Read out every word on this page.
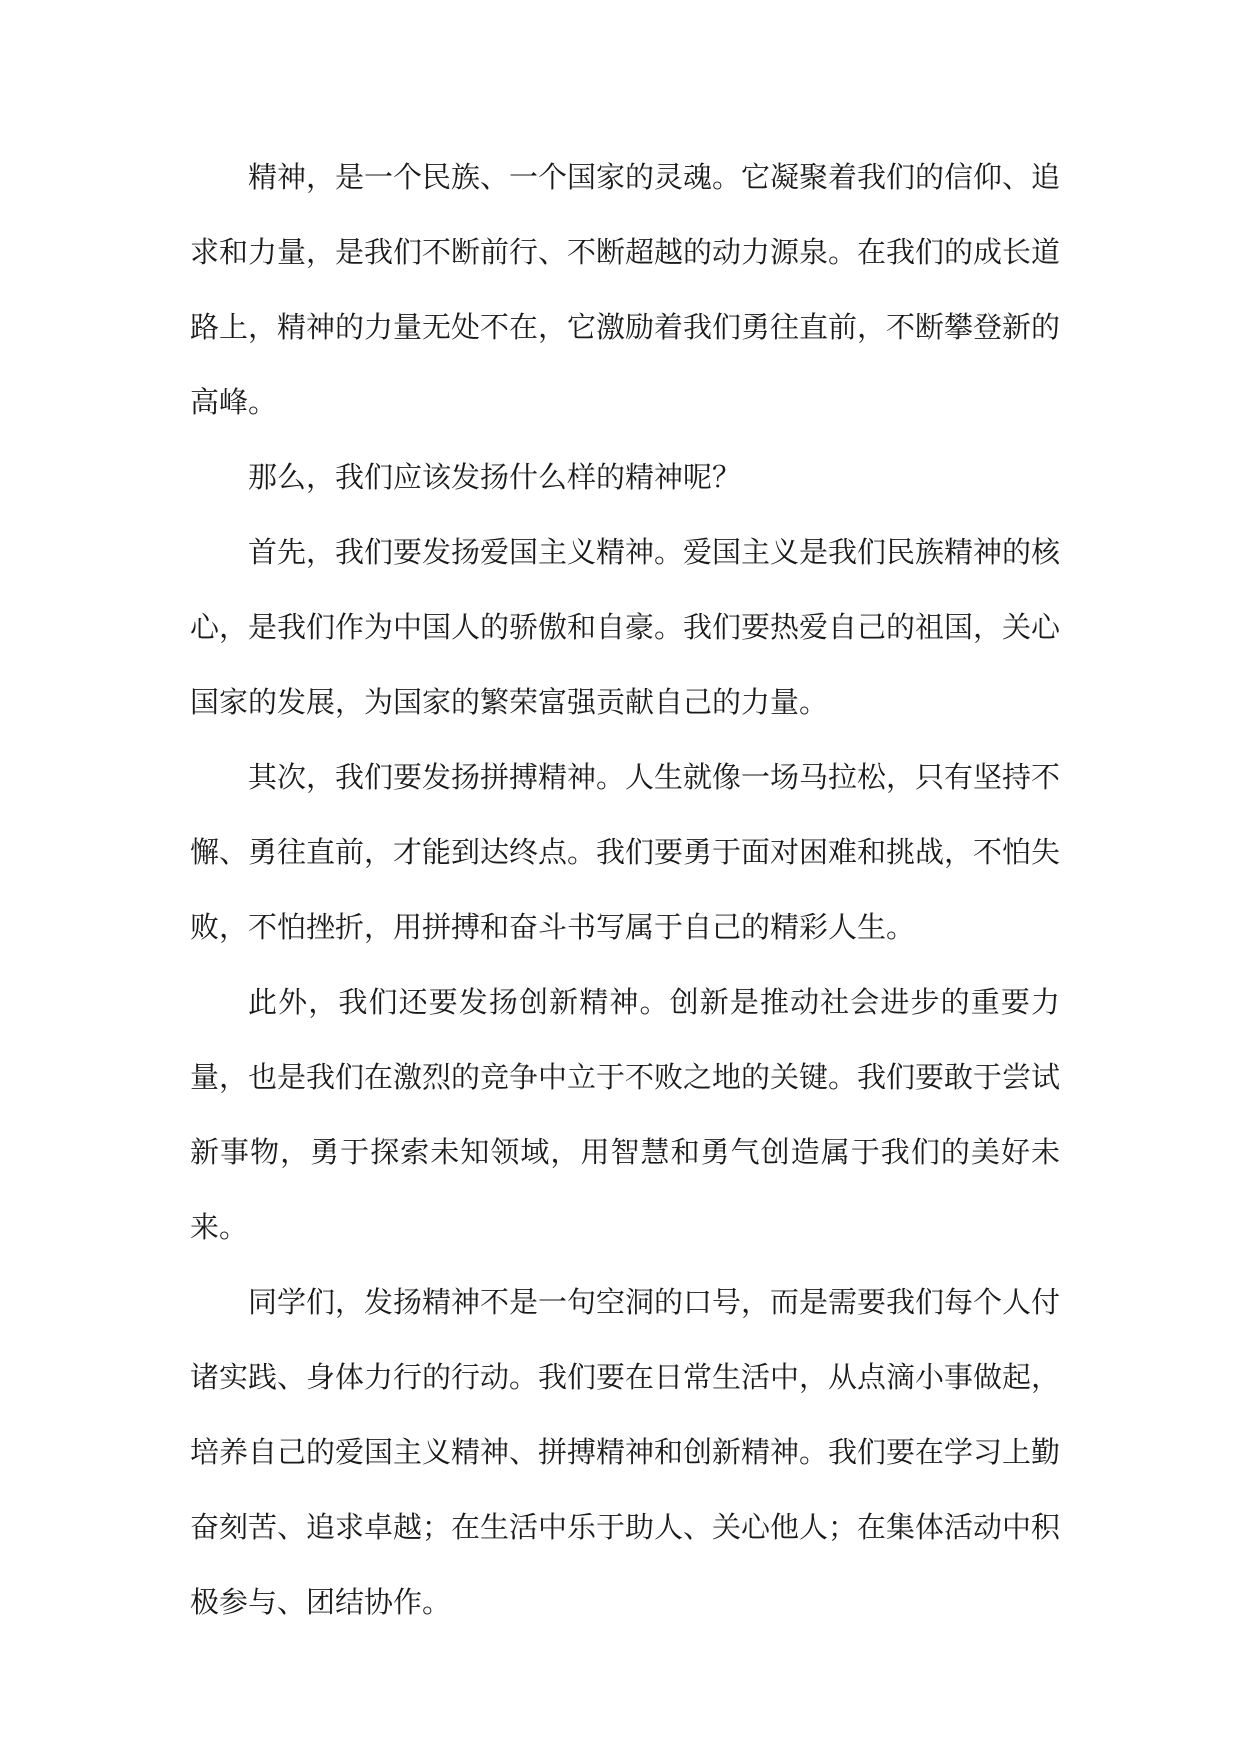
精神，是一个民族、一个国家的灵魂。它凝聚着我们的信仰、追求和力量，是我们不断前行、不断超越的动力源泉。在我们的成长道路上，精神的力量无处不在，它激励着我们勇往直前，不断攀登新的高峰。

那么，我们应该发扬什么样的精神呢？

首先，我们要发扬爱国主义精神。爱国主义是我们民族精神的核心，是我们作为中国人的骄傲和自豪。我们要热爱自己的祖国，关心国家的发展，为国家的繁荣富强贡献自己的力量。

其次，我们要发扬拼搏精神。人生就像一场马拉松，只有坚持不懈、勇往直前，才能到达终点。我们要勇于面对困难和挑战，不怕失败，不怕挫折，用拼搏和奋斗书写属于自己的精彩人生。

此外，我们还要发扬创新精神。创新是推动社会进步的重要力量，也是我们在激烈的竞争中立于不败之地的关键。我们要敢于尝试新事物，勇于探索未知领域，用智慧和勇气创造属于我们的美好未来。

同学们，发扬精神不是一句空洞的口号，而是需要我们每个人付诸实践、身体力行的行动。我们要在日常生活中，从点滴小事做起，培养自己的爱国主义精神、拼搏精神和创新精神。我们要在学习上勤奋刻苦、追求卓越；在生活中乐于助人、关心他人；在集体活动中积极参与、团结协作。
